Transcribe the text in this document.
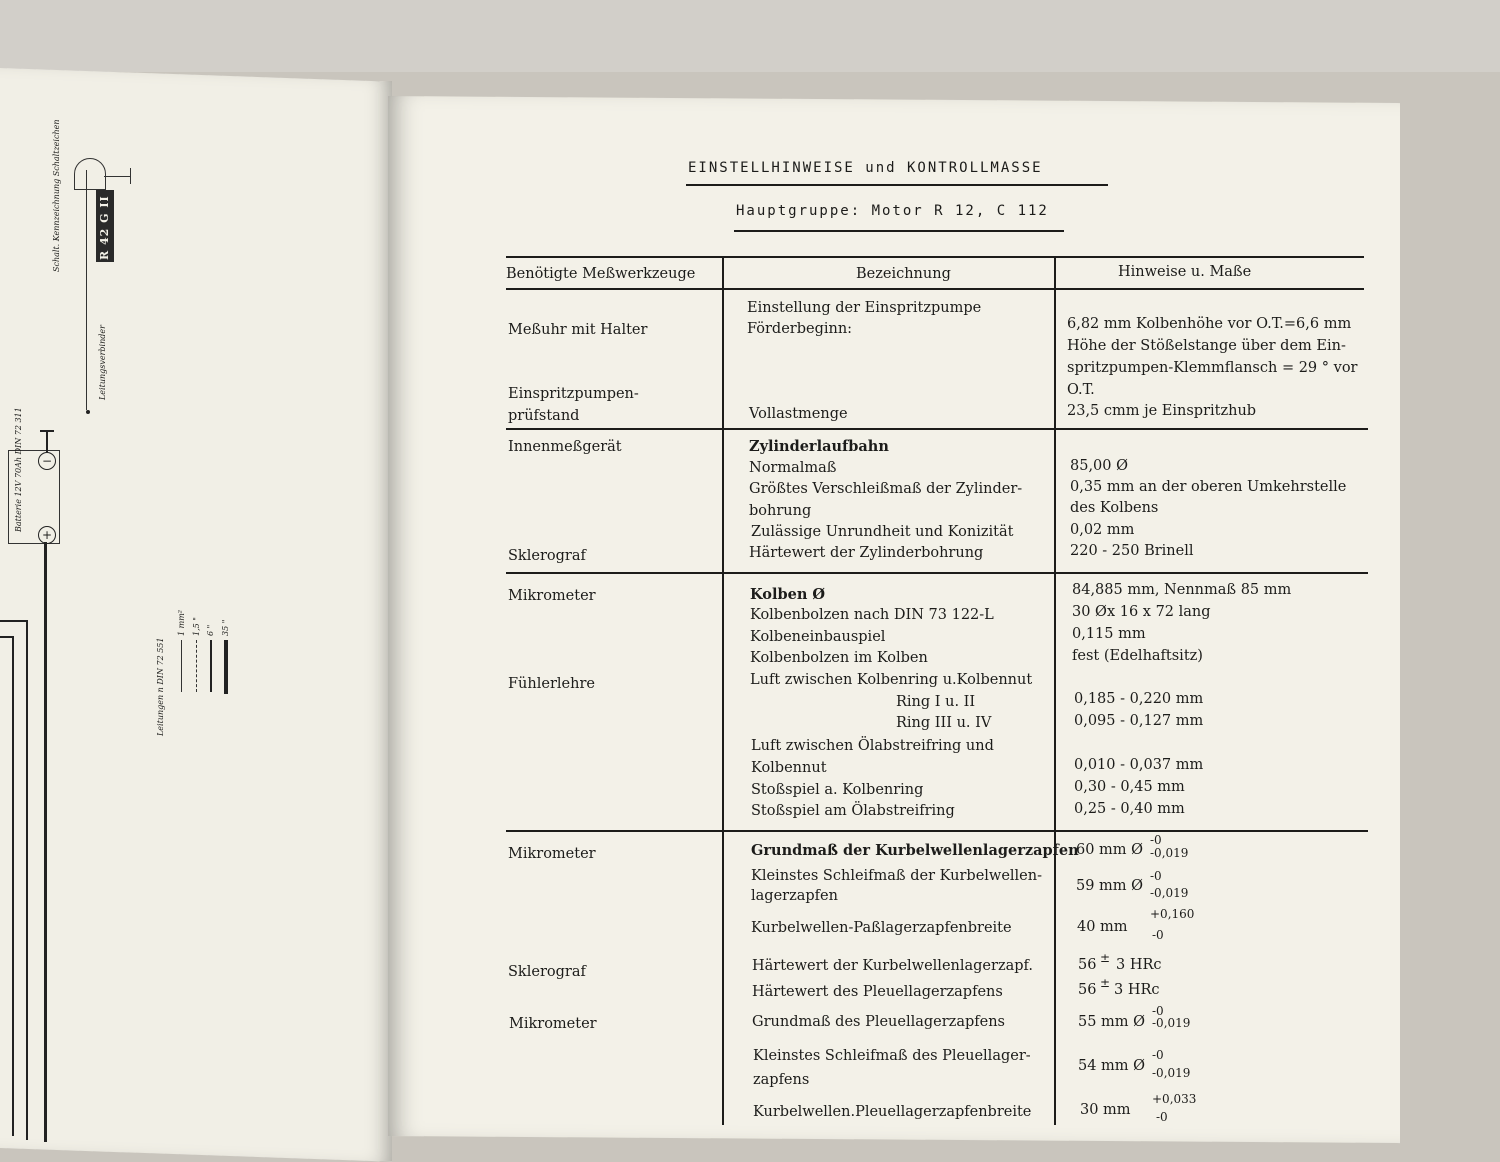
R 42 G II
Schalt. Kennzeichnung Schaltzeichen
Leitungsverbinder
−
+
Batterie 12V 70Ah DIN 72 311
Leitungen n DIN 72 551
1 mm² 1,5 " 6 " 35 "
EINSTELLHINWEISE und KONTROLLMASSE
Hauptgruppe: Motor R 12, C 112
Benötigte Meßwerkzeuge	Bezeichnung	Hinweise u. Maße
Meßuhr mit Halter
Einspritzpumpen-
prüfstand
Einstellung der Einspritzpumpe
Förderbeginn:
Vollastmenge
6,82 mm Kolbenhöhe vor O.T.=6,6 mm
Höhe der Stößelstange über dem Ein-
spritzpumpen-Klemmflansch = 29 ° vor
O.T.
23,5 cmm je Einspritzhub
Innenmeßgerät
Sklerograf
Zylinderlaufbahn
Normalmaß
Größtes Verschleißmaß der Zylinder-
bohrung
Zulässige Unrundheit und Konizität
Härtewert der Zylinderbohrung
85,00 Ø
0,35 mm an der oberen Umkehrstelle
des Kolbens
0,02 mm
220 - 250 Brinell
Mikrometer
Fühlerlehre
Kolben Ø
Kolbenbolzen nach DIN 73 122-L
Kolbeneinbauspiel
Kolbenbolzen im Kolben
Luft zwischen Kolbenring u.Kolbennut
Ring I u. II
Ring III u. IV
Luft zwischen Ölabstreifring und
Kolbennut
Stoßspiel a. Kolbenring
Stoßspiel am Ölabstreifring
84,885 mm, Nennmaß 85 mm
30 Øx 16 x 72 lang
0,115 mm
fest (Edelhaftsitz)
0,185 - 0,220 mm
0,095 - 0,127 mm
0,010 - 0,037 mm
0,30 - 0,45 mm
0,25 - 0,40 mm
Mikrometer
Sklerograf
Mikrometer
Grundmaß der Kurbelwellenlagerzapfen
Kleinstes Schleifmaß der Kurbelwellen-
lagerzapfen
Kurbelwellen-Paßlagerzapfenbreite
Härtewert der Kurbelwellenlagerzapf.
Härtewert des Pleuellagerzapfens
Grundmaß des Pleuellagerzapfens
Kleinstes Schleifmaß des Pleuellager-
zapfens
Kurbelwellen.Pleuellagerzapfenbreite
60 mm Ø
-0
-0,019
59 mm Ø
-0
-0,019
40 mm
+0,160
-0
56 ± 3 HRc
56 ± 3 HRc
55 mm Ø
-0
-0,019
54 mm Ø
-0
-0,019
30 mm
+0,033
-0
